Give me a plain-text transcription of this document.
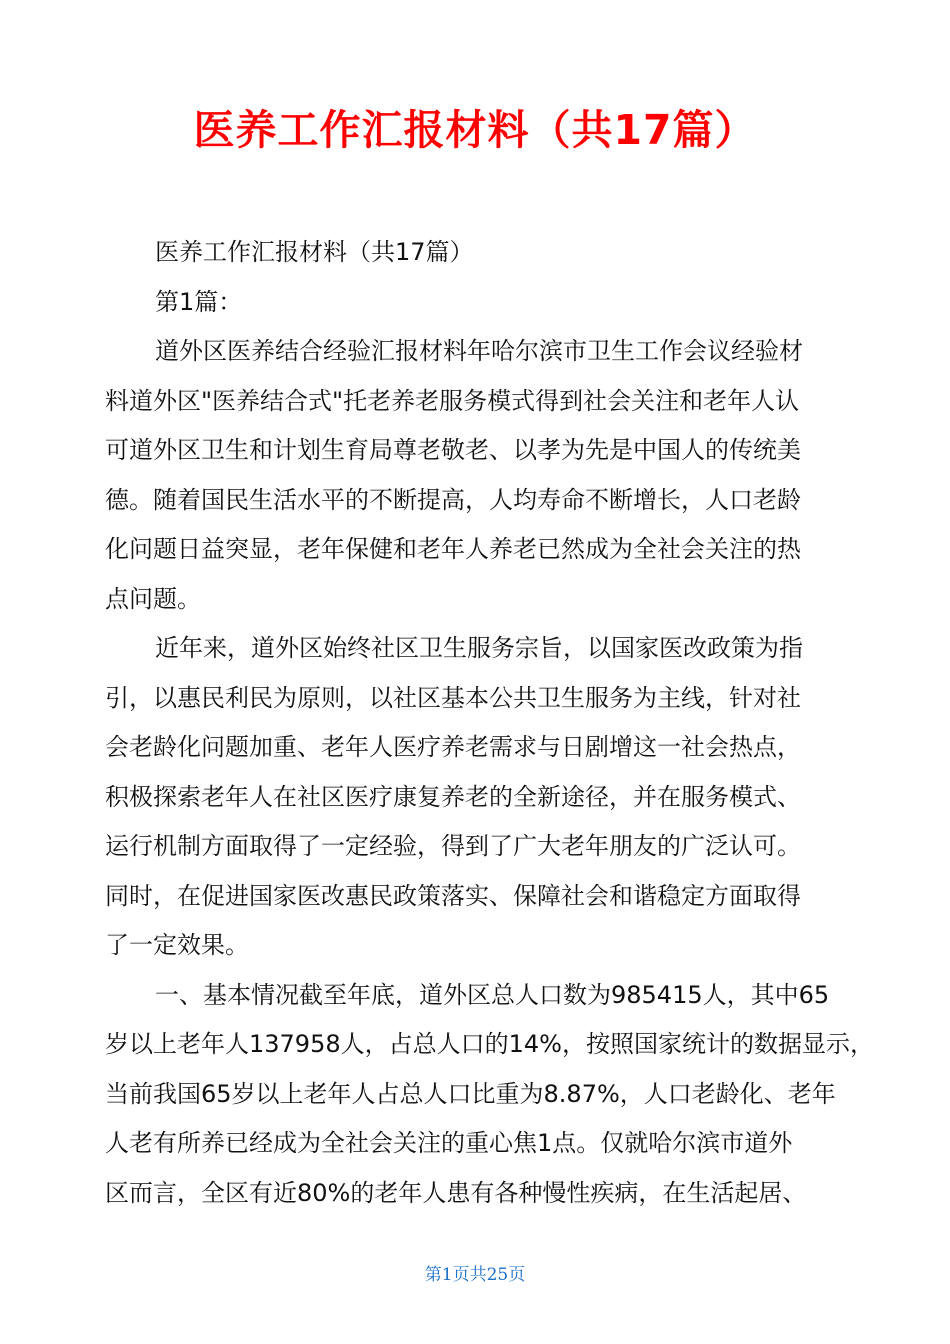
医养工作汇报材料（共17篇）

医养工作汇报材料（共17篇）

第1篇：

道外区医养结合经验汇报材料年哈尔滨市卫生工作会议经验材

料道外区"医养结合式"托老养老服务模式得到社会关注和老年人认

可道外区卫生和计划生育局尊老敬老、以孝为先是中国人的传统美

德。随着国民生活水平的不断提高，人均寿命不断增长，人口老龄

化问题日益突显，老年保健和老年人养老已然成为全社会关注的热

点问题。

近年来，道外区始终社区卫生服务宗旨，以国家医改政策为指

引，以惠民利民为原则，以社区基本公共卫生服务为主线，针对社

会老龄化问题加重、老年人医疗养老需求与日剧增这一社会热点，

积极探索老年人在社区医疗康复养老的全新途径，并在服务模式、

运行机制方面取得了一定经验，得到了广大老年朋友的广泛认可。

同时，在促进国家医改惠民政策落实、保障社会和谐稳定方面取得

了一定效果。

一、基本情况截至年底，道外区总人口数为985415人，其中65

岁以上老年人137958人，占总人口的14%，按照国家统计的数据显示，

当前我国65岁以上老年人占总人口比重为8.87%，人口老龄化、老年

人老有所养已经成为全社会关注的重心焦1点。仅就哈尔滨市道外

区而言，全区有近80%的老年人患有各种慢性疾病，在生活起居、

第1页共25页
